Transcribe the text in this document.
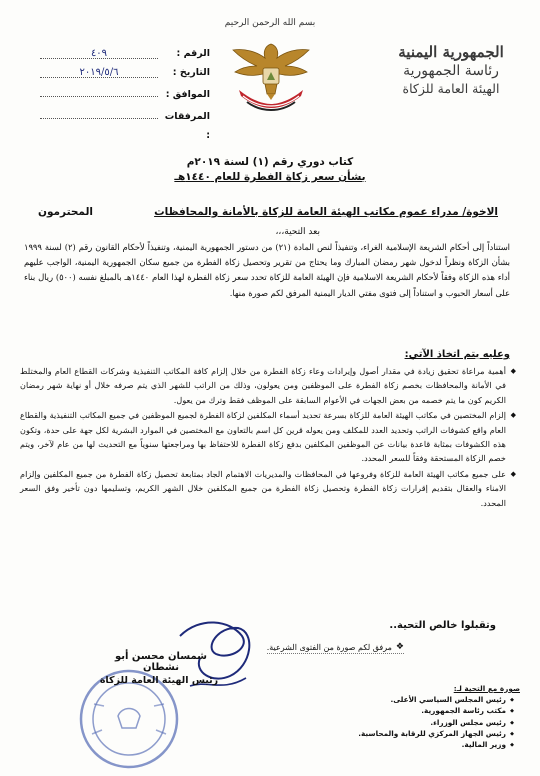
بسم الله الرحمن الرحيم
الجمهورية اليمنية
رئاسة الجمهورية
الهيئة العامة للزكاة
الرقم :
٤٠٩
التاريخ :
٢٠١٩/٥/٦
الموافق :
المرفقات :
كتاب دوري رقم (١) لسنة ٢٠١٩م
بشأن سعر زكاة الفطرة للعام ١٤٤٠هـ
الاخوة/ مدراء عموم مكاتب الهيئة العامة للزكاة بالأمانة والمحافظات
المحترمون
بعد التحية،،،
استناداً إلى أحكام الشريعة الإسلامية الغراء، وتنفيذاً لنص المادة (٢١) من دستور الجمهورية اليمنية، وتنفيذاً لأحكام القانون رقم (٢) لسنة ١٩٩٩ بشأن الزكاة ونظراً لدخول شهر رمضان المبارك وما يحتاج من تقرير وتحصيل زكاة الفطرة من جميع سكان الجمهورية اليمنية، الواجب عليهم أداء هذه الزكاة وفقاً لأحكام الشريعة الاسلامية فإن الهيئة العامة للزكاة تحدد سعر زكاة الفطرة لهذا العام ١٤٤٠هـ بالمبلغ نفسه (٥٠٠) ريال بناء على أسعار الحبوب و استناداً إلى فتوى مفتي الديار اليمنية المرفق لكم صورة منها.
وعليه يتم اتخاذ الآتي:
◆ أهمية مراعاة تحقيق زيادة في مقدار أصول وإيرادات وعاء زكاة الفطرة من خلال إلزام كافة المكاتب التنفيذية وشركات القطاع العام والمختلط في الأمانة والمحافظات بخصم زكاة الفطرة على الموظفين ومن يعولون، وذلك من الراتب للشهر الذي يتم صرفه خلال أو نهاية شهر رمضان الكريم كون ما يتم خصمه من بعض الجهات في الأعوام السابقة على الموظف فقط وترك من يعول.
◆ إلزام المختصين في مكاتب الهيئة العامة للزكاة بسرعة تحديد أسماء المكلفين لزكاة الفطرة لجميع الموظفين في جميع المكاتب التنفيذية والقطاع العام واقع كشوفات الراتب وتحديد العدد للمكلف ومن يعوله قرين كل اسم بالتعاون مع المختصين في الموارد البشرية لكل جهة على حدة، وتكون هذه الكشوفات بمثابة قاعدة بيانات عن الموظفين المكلفين بدفع زكاة الفطرة للاحتفاظ بها ومراجعتها سنوياً مع التحديث لها من عام لآخر، ويتم خصم الزكاة المستحقة وفقاً للسعر المحدد.
◆ على جميع مكاتب الهيئة العامة للزكاة وفروعها في المحافظات والمديريات الاهتمام الجاد بمتابعة تحصيل زكاة الفطرة من جميع المكلفين وإلزام الامناء والعقال بتقديم إقرارات زكاة الفطرة وتحصيل زكاة الفطرة من جميع المكلفين خلال الشهر الكريم، وتسليمها دون تأخير وفق السعر المحدد.
وتقبلوا خالص التحية..
❖
مرفق لكم صورة من الفتوى الشرعية.
شمسان محسن أبو نشطان
رئيس الهيئة العامة للزكاة
صورة مع التحية لـ:
◆ رئيس المجلس السياسي الأعلى.
◆ مكتب رئاسة الجمهورية.
◆ رئيس مجلس الوزراء.
◆ رئيس الجهاز المركزي للرقابة والمحاسبة.
◆ وزير المالية.
